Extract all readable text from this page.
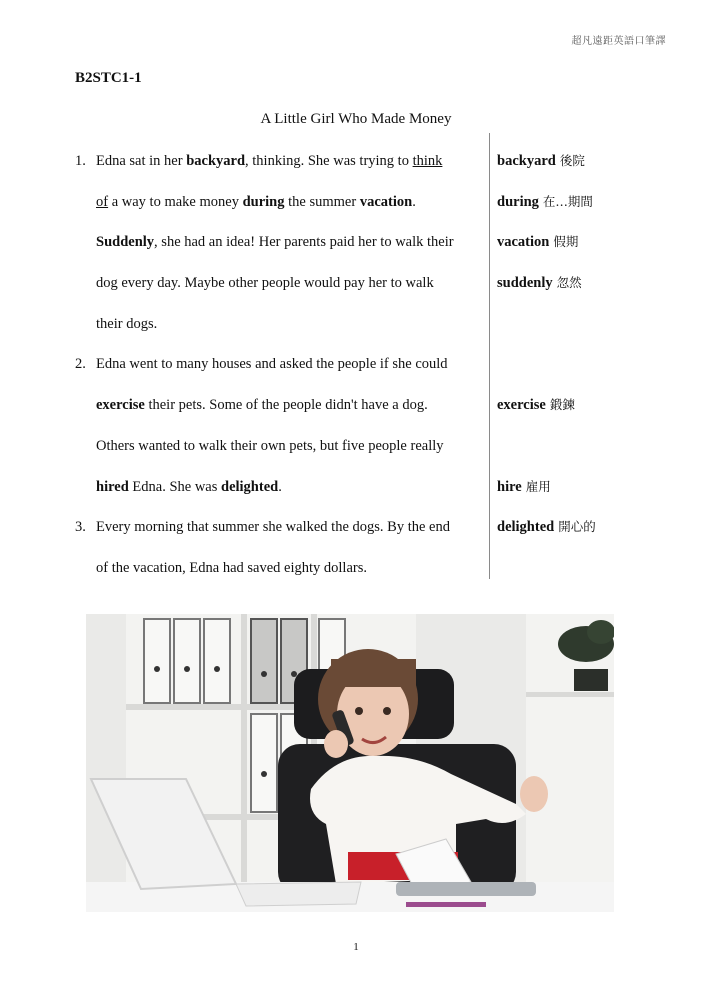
超凡遠距英語口筆譯
B2STC1-1
A Little Girl Who Made Money
1. Edna sat in her backyard, thinking. She was trying to think
of a way to make money during the summer vacation.
Suddenly, she had an idea! Her parents paid her to walk their
dog every day. Maybe other people would pay her to walk
their dogs.
2. Edna went to many houses and asked the people if she could
exercise their pets. Some of the people didn't have a dog.
Others wanted to walk their own pets, but five people really
hired Edna. She was delighted.
3. Every morning that summer she walked the dogs. By the end
of the vacation, Edna had saved eighty dollars.
backyard 後院
during 在…期間
vacation 假期
suddenly 忽然
exercise 鍛鍊
hire 雇用
delighted 開心的
1
